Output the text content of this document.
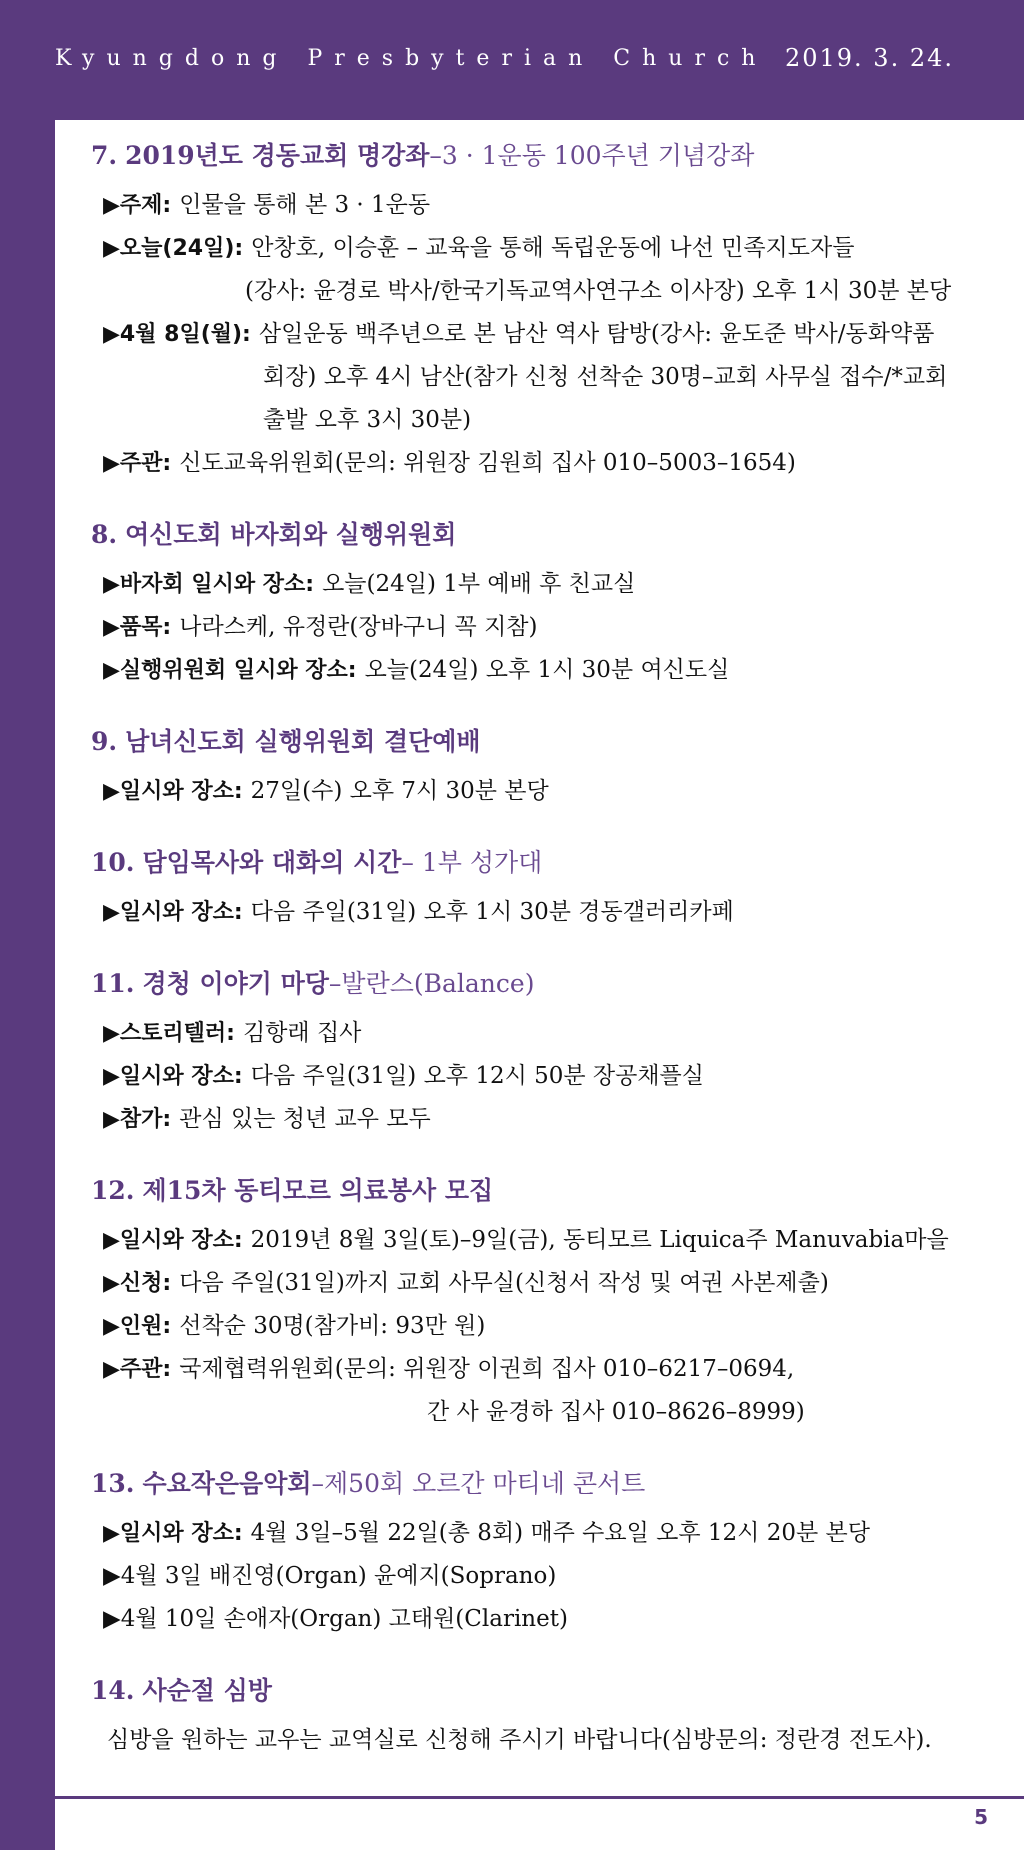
Kyungdong Presbyterian Church 2019. 3. 24.
7. 2019년도 경동교회 명강좌–3 · 1운동 100주년 기념강좌
▶주제: 인물을 통해 본 3 · 1운동
▶오늘(24일): 안창호, 이승훈 – 교육을 통해 독립운동에 나선 민족지도자들
(강사: 윤경로 박사/한국기독교역사연구소 이사장) 오후 1시 30분 본당
▶4월 8일(월): 삼일운동 백주년으로 본 남산 역사 탐방(강사: 윤도준 박사/동화약품
회장) 오후 4시 남산(참가 신청 선착순 30명–교회 사무실 접수/*교회
출발 오후 3시 30분)
▶주관: 신도교육위원회(문의: 위원장 김원희 집사 010–5003–1654)
8. 여신도회 바자회와 실행위원회
▶바자회 일시와 장소: 오늘(24일) 1부 예배 후 친교실
▶품목: 나라스케, 유정란(장바구니 꼭 지참)
▶실행위원회 일시와 장소: 오늘(24일) 오후 1시 30분 여신도실
9. 남녀신도회 실행위원회 결단예배
▶일시와 장소: 27일(수) 오후 7시 30분 본당
10. 담임목사와 대화의 시간– 1부 성가대
▶일시와 장소: 다음 주일(31일) 오후 1시 30분 경동갤러리카페
11. 경청 이야기 마당–발란스(Balance)
▶스토리텔러: 김항래 집사
▶일시와 장소: 다음 주일(31일) 오후 12시 50분 장공채플실
▶참가: 관심 있는 청년 교우 모두
12. 제15차 동티모르 의료봉사 모집
▶일시와 장소: 2019년 8월 3일(토)–9일(금), 동티모르 Liquica주 Manuvabia마을
▶신청: 다음 주일(31일)까지 교회 사무실(신청서 작성 및 여권 사본제출)
▶인원: 선착순 30명(참가비: 93만 원)
▶주관: 국제협력위원회(문의: 위원장 이권희 집사 010–6217–0694,
간 사 윤경하 집사 010–8626–8999)
13. 수요작은음악회–제50회 오르간 마티네 콘서트
▶일시와 장소: 4월 3일–5월 22일(총 8회) 매주 수요일 오후 12시 20분 본당
▶4월 3일 배진영(Organ) 윤예지(Soprano)
▶4월 10일 손애자(Organ) 고태원(Clarinet)
14. 사순절 심방
심방을 원하는 교우는 교역실로 신청해 주시기 바랍니다(심방문의: 정란경 전도사).
5
